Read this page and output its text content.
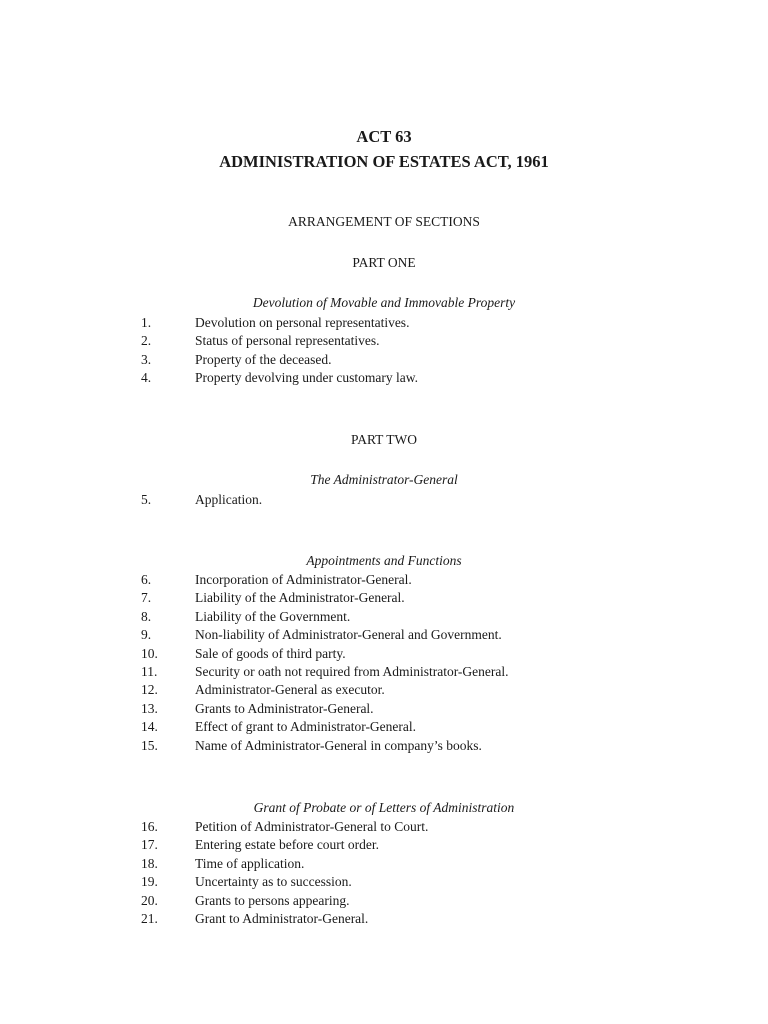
ACT 63
ADMINISTRATION OF ESTATES ACT, 1961
ARRANGEMENT OF SECTIONS
PART ONE
Devolution of Movable and Immovable Property
1.	Devolution on personal representatives.
2.	Status of personal representatives.
3.	Property of the deceased.
4.	Property devolving under customary law.
PART TWO
The Administrator-General
5.	Application.
Appointments and Functions
6.	Incorporation of Administrator-General.
7.	Liability of the Administrator-General.
8.	Liability of the Government.
9.	Non-liability of Administrator-General and Government.
10.	Sale of goods of third party.
11.	Security or oath not required from Administrator-General.
12.	Administrator-General as executor.
13.	Grants to Administrator-General.
14.	Effect of grant to Administrator-General.
15.	Name of Administrator-General in company’s books.
Grant of Probate or of Letters of Administration
16.	Petition of Administrator-General to Court.
17.	Entering estate before court order.
18.	Time of application.
19.	Uncertainty as to succession.
20.	Grants to persons appearing.
21.	Grant to Administrator-General.
